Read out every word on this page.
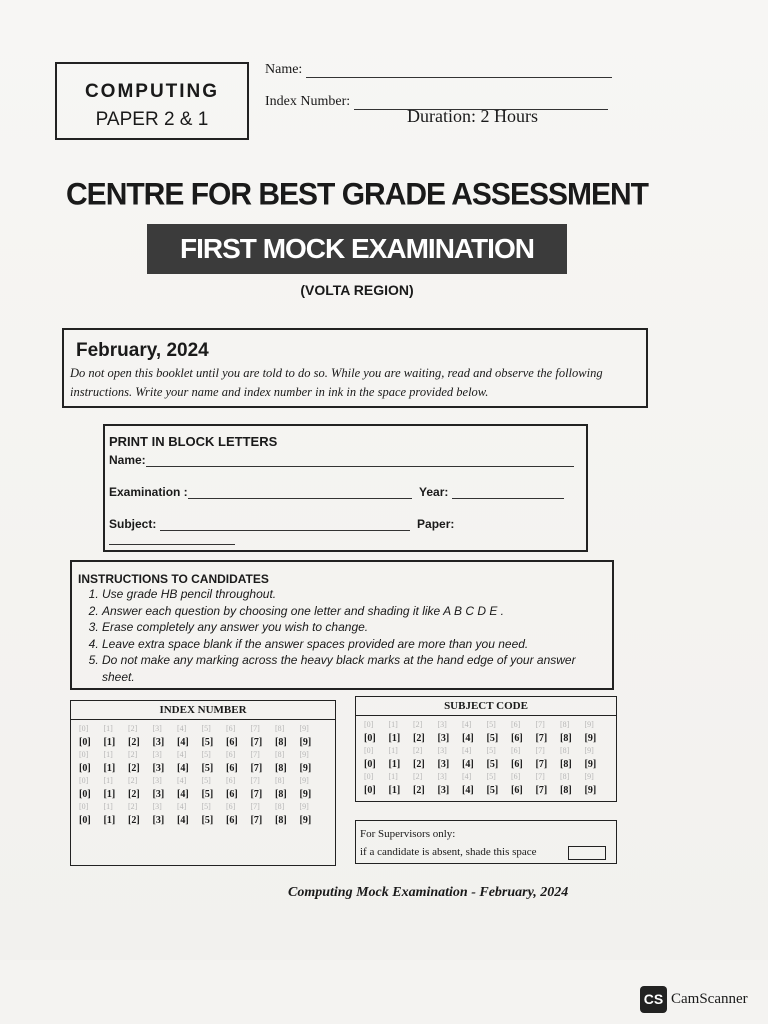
COMPUTING
PAPER 2 & 1
Name:
Index Number:
Duration: 2 Hours
CENTRE FOR BEST GRADE ASSESSMENT
FIRST MOCK EXAMINATION
(VOLTA REGION)
February, 2024
Do not open this booklet until you are told to do so. While you are waiting, read and observe the following instructions. Write your name and index number in ink in the space provided below.
PRINT IN BLOCK LETTERS
Name:
Examination :	Year:
Subject:	Paper:
INSTRUCTIONS TO CANDIDATES
1. Use grade HB pencil throughout.
2. Answer each question by choosing one letter and shading it like A B C D E .
3. Erase completely any answer you wish to change.
4. Leave extra space blank if the answer spaces provided are more than you need.
5. Do not make any marking across the heavy black marks at the hand edge of your answer sheet.
INDEX NUMBER
[0]	[1]	[2]	[3]	[4]	[5]	[6]	[7]	[8]	[9]
[0]	[1]	[2]	[3]	[4]	[5]	[6]	[7]	[8]	[9]
[0]	[1]	[2]	[3]	[4]	[5]	[6]	[7]	[8]	[9]
[0]	[1]	[2]	[3]	[4]	[5]	[6]	[7]	[8]	[9]
[0]	[1]	[2]	[3]	[4]	[5]	[6]	[7]	[8]	[9]
[0]	[1]	[2]	[3]	[4]	[5]	[6]	[7]	[8]	[9]
[0]	[1]	[2]	[3]	[4]	[5]	[6]	[7]	[8]	[9]
[0]	[1]	[2]	[3]	[4]	[5]	[6]	[7]	[8]	[9]
SUBJECT CODE
[0]	[1]	[2]	[3]	[4]	[5]	[6]	[7]	[8]	[9]
[0]	[1]	[2]	[3]	[4]	[5]	[6]	[7]	[8]	[9]
[0]	[1]	[2]	[3]	[4]	[5]	[6]	[7]	[8]	[9]
[0]	[1]	[2]	[3]	[4]	[5]	[6]	[7]	[8]	[9]
[0]	[1]	[2]	[3]	[4]	[5]	[6]	[7]	[8]	[9]
[0]	[1]	[2]	[3]	[4]	[5]	[6]	[7]	[8]	[9]
For Supervisors only:
if a candidate is absent, shade this space
Computing Mock Examination - February, 2024
CS CamScanner
